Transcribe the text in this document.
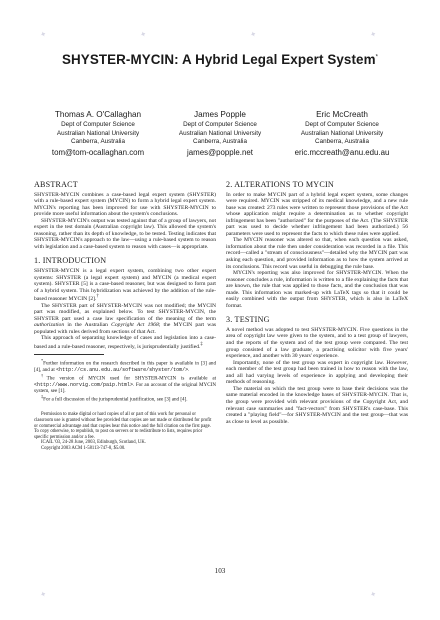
SHYSTER-MYCIN: A Hybrid Legal Expert System*
Thomas A. O'Callaghan
Dept of Computer Science
Australian National University
Canberra, Australia
tom@tom-ocallaghan.com
James Popple
Dept of Computer Science
Australian National University
Canberra, Australia
james@popple.net
Eric McCreath
Dept of Computer Science
Australian National University
Canberra, Australia
eric.mccreath@anu.edu.au
ABSTRACT

SHYSTER-MYCIN combines a case-based legal expert system (SHYSTER) with a rule-based expert system (MYCIN) to form a hybrid legal expert system. MYCIN's reporting has been improved for use with SHYSTER-MYCIN to provide more useful information about the system's conclusions.

SHYSTER-MYCIN's output was tested against that of a group of lawyers, not expert in the test domain (Australian copyright law). This allowed the system's reasoning, rather than its depth of knowledge, to be tested. Testing indicates that SHYSTER-MYCIN's approach to the law—using a rule-based system to reason with legislation and a case-based system to reason with cases—is appropriate.

1. INTRODUCTION

SHYSTER-MYCIN is a legal expert system, combining two other expert systems: SHYSTER (a legal expert system) and MYCIN (a medical expert system). SHYSTER [5] is a case-based reasoner, but was designed to form part of a hybrid system. This hybridization was achieved by the addition of the rule-based reasoner MYCIN [2].†

The SHYSTER part of SHYSTER-MYCIN was not modified; the MYCIN part was modified, as explained below. To test SHYSTER-MYCIN, the SHYSTER part used a case law specification of the meaning of the term authorization in the Australian Copyright Act 1968; the MYCIN part was populated with rules derived from sections of that Act.

This approach of separating knowledge of cases and legislation into a case-based and a rule-based reasoner, respectively, is jurisprudentially justified.‡

*Further information on the research described in this paper is available in [3] and [4], and at <http://cs.anu.edu.au/software/shyster/tom/>.

†The version of MYCIN used for SHYSTER-MYCIN is available at <http://www.norvig.com/paip.html>. For an account of the original MYCIN system, see [1].

‡For a full discussion of the jurisprudential justification, see [3] and [4].

Permission to make digital or hard copies of all or part of this work for personal or classroom use is granted without fee provided that copies are not made or distributed for profit or commercial advantage and that copies bear this notice and the full citation on the first page. To copy otherwise, to republish, to post on servers or to redistribute to lists, requires prior specific permission and/or a fee.

ICAIL '03, 24-28 June, 2003, Edinburgh, Scotland, UK.

Copyright 2003 ACM 1-58113-747-8, $5.00.

2. ALTERATIONS TO MYCIN

In order to make MYCIN part of a hybrid legal expert system, some changes were required. MYCIN was stripped of its medical knowledge, and a new rule base was created: 273 rules were written to represent those provisions of the Act whose application might require a determination as to whether copyright infringement has been "authorized" for the purposes of the Act. (The SHYSTER part was used to decide whether infringement had been authorized.) 56 parameters were used to represent the facts to which these rules were applied.

The MYCIN reasoner was altered so that, when each question was asked, information about the rule then under consideration was recorded in a file. This record—called a "stream of consciousness"—detailed why the MYCIN part was asking each question, and provided information as to how the system arrived at its conclusions. This record was useful in debugging the rule base.

MYCIN's reporting was also improved for SHYSTER-MYCIN. When the reasoner concludes a rule, information is written to a file explaining the facts that are known, the rule that was applied to those facts, and the conclusion that was made. This information was marked-up with LaTeX tags so that it could be easily combined with the output from SHYSTER, which is also in LaTeX format.

3. TESTING

A novel method was adopted to test SHYSTER-MYCIN. Five questions in the area of copyright law were given to the system, and to a test group of lawyers, and the reports of the system and of the test group were compared. The test group consisted of a law graduate, a practising solicitor with five years' experience, and another with 30 years' experience.

Importantly, none of the test group was expert in copyright law. However, each member of the test group had been trained in how to reason with the law, and all had varying levels of experience in applying and developing their methods of reasoning.

The material on which the test group were to base their decisions was the same material encoded in the knowledge bases of SHYSTER-MYCIN. That is, the group were provided with relevant provisions of the Copyright Act, and relevant case summaries and "fact-vectors" from SHYSTER's case-base. This created a "playing field"—for SHYSTER-MYCIN and the test group—that was as close to level as possible.

103
✦	✦	✦	✦
✦	✦
